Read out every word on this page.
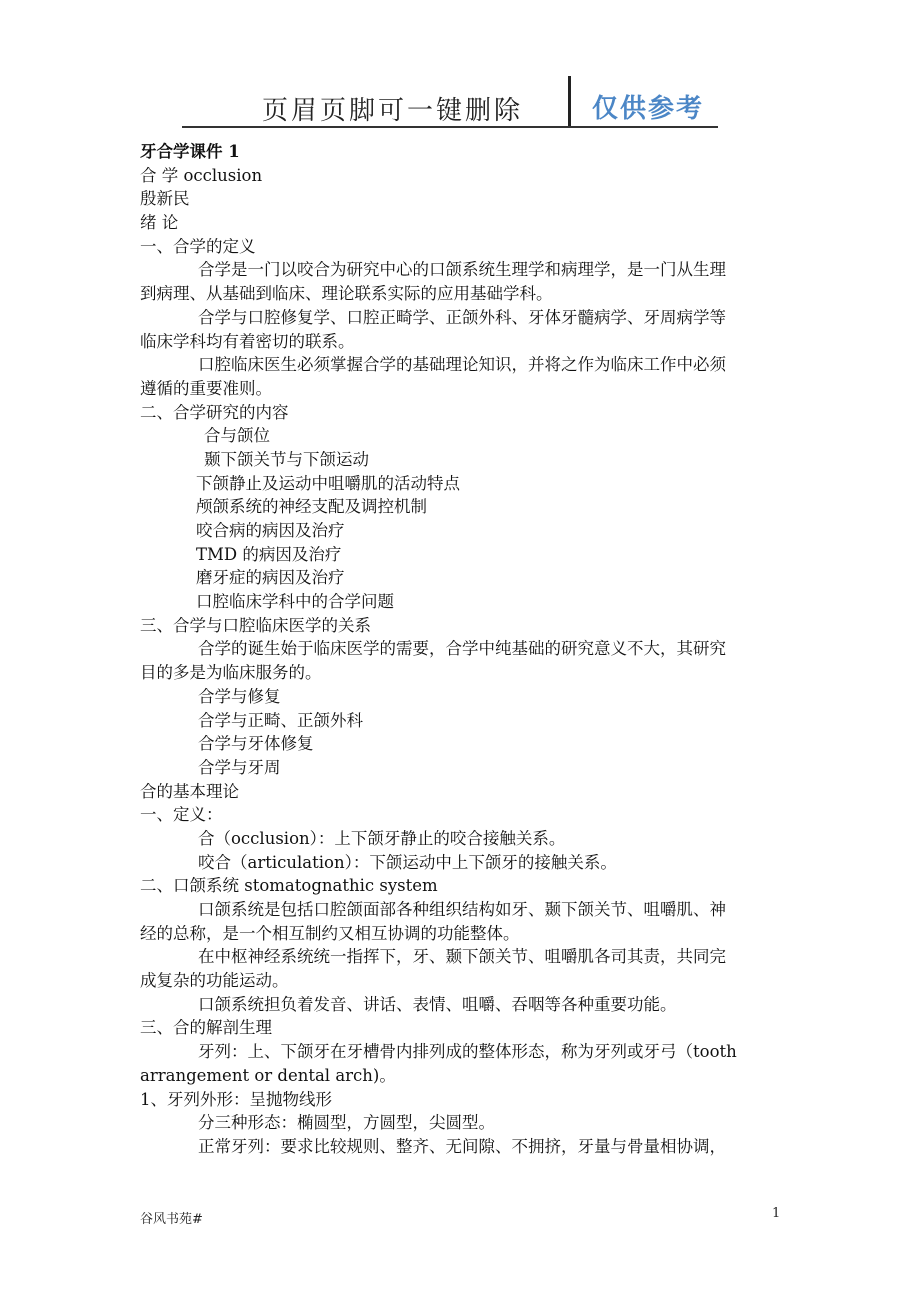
页眉页脚可一键删除	仅供参考
牙合学课件 1
合 学 occlusion
殷新民
绪 论
一、合学的定义
合学是一门以咬合为研究中心的口颌系统生理学和病理学，是一门从生理
到病理、从基础到临床、理论联系实际的应用基础学科。
合学与口腔修复学、口腔正畸学、正颌外科、牙体牙髓病学、牙周病学等
临床学科均有着密切的联系。
口腔临床医生必须掌握合学的基础理论知识，并将之作为临床工作中必须
遵循的重要准则。
二、合学研究的内容
合与颌位
颞下颌关节与下颌运动
下颌静止及运动中咀嚼肌的活动特点
颅颌系统的神经支配及调控机制
咬合病的病因及治疗
TMD 的病因及治疗
磨牙症的病因及治疗
口腔临床学科中的合学问题
三、合学与口腔临床医学的关系
合学的诞生始于临床医学的需要，合学中纯基础的研究意义不大，其研究
目的多是为临床服务的。
合学与修复
合学与正畸、正颌外科
合学与牙体修复
合学与牙周
合的基本理论
一、定义：
合（occlusion）：上下颌牙静止的咬合接触关系。
咬合（articulation）：下颌运动中上下颌牙的接触关系。
二、口颌系统 stomatognathic system
口颌系统是包括口腔颌面部各种组织结构如牙、颞下颌关节、咀嚼肌、神
经的总称，是一个相互制约又相互协调的功能整体。
在中枢神经系统统一指挥下，牙、颞下颌关节、咀嚼肌各司其责，共同完
成复杂的功能运动。
口颌系统担负着发音、讲话、表情、咀嚼、吞咽等各种重要功能。
三、合的解剖生理
牙列：上、下颌牙在牙槽骨内排列成的整体形态，称为牙列或牙弓（tooth
arrangement or dental arch)。
1、牙列外形：呈抛物线形
分三种形态：椭圆型，方圆型，尖圆型。
正常牙列：要求比较规则、整齐、无间隙、不拥挤，牙量与骨量相协调，
谷风书苑#	1
